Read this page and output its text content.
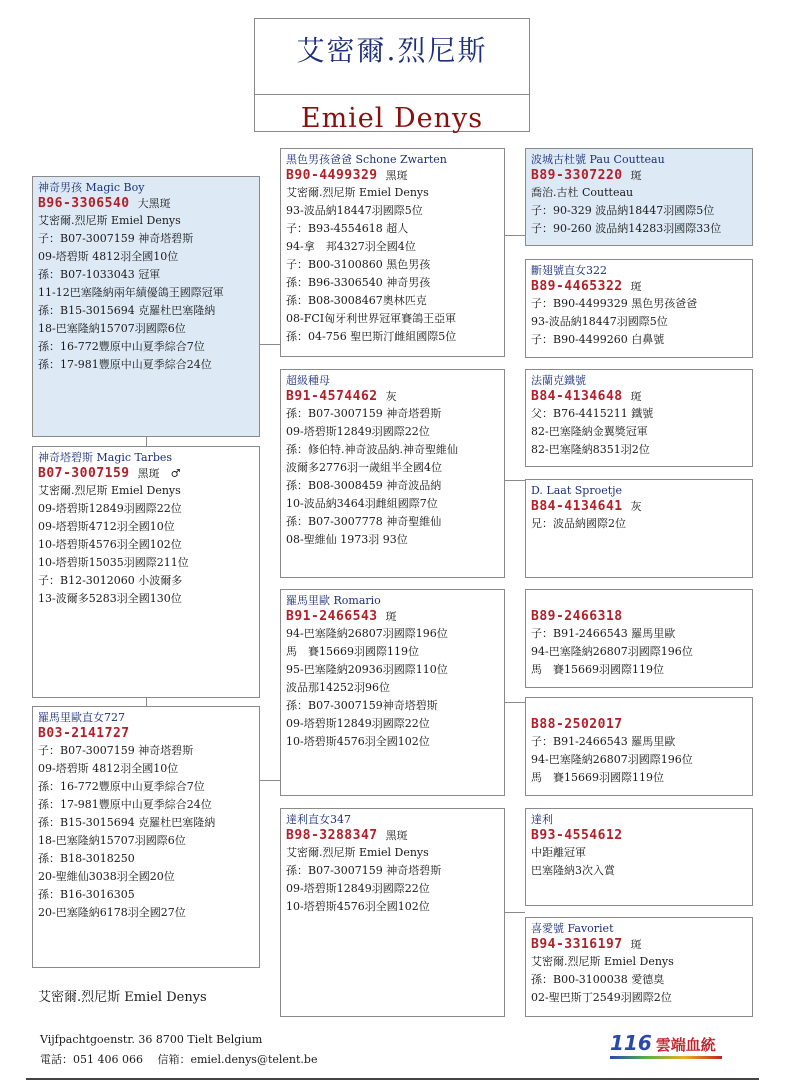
艾密爾.烈尼斯
Emiel Denys
神奇男孩 Magic Boy
B96-3306540 大黑斑
艾密爾.烈尼斯 Emiel Denys
子：B07-3007159 神奇塔碧斯
09-塔碧斯 4812羽全國10位
孫：B07-1033043 冠軍
11-12巴塞隆納兩年績優鴿王國際冠軍
孫：B15-3015694 克羅杜巴塞隆納
18-巴塞隆納15707羽國際6位
孫：16-772豐原中山夏季綜合7位
孫：17-981豐原中山夏季綜合24位
神奇塔碧斯 Magic Tarbes
B07-3007159 黑斑　♂
艾密爾.烈尼斯 Emiel Denys
09-塔碧斯12849羽國際22位
09-塔碧斯4712羽全國10位
10-塔碧斯4576羽全國102位
10-塔碧斯15035羽國際211位
子：B12-3012060 小波爾多
13-波爾多5283羽全國130位
羅馬里歐直女727
B03-2141727
子：B07-3007159 神奇塔碧斯
09-塔碧斯 4812羽全國10位
孫：16-772豐原中山夏季綜合7位
孫：17-981豐原中山夏季綜合24位
孫：B15-3015694 克羅杜巴塞隆納
18-巴塞隆納15707羽國際6位
孫：B18-3018250
20-聖維仙3038羽全國20位
孫：B16-3016305
20-巴塞隆納6178羽全國27位
黑色男孩爸爸 Schone Zwarten
B90-4499329 黑斑
艾密爾.烈尼斯 Emiel Denys
93-波品納18447羽國際5位
子：B93-4554618 超人
94-拿　邦4327羽全國4位
子：B00-3100860 黑色男孩
孫：B96-3306540 神奇男孩
孫：B08-3008467奧林匹克
08-FCI匈牙利世界冠軍賽鴿王亞軍
孫：04-756 聖巴斯汀雌組國際5位
超級種母
B91-4574462 灰
孫：B07-3007159 神奇塔碧斯
09-塔碧斯12849羽國際22位
孫：修伯特.神奇波品納.神奇聖維仙
波爾多2776羽一歲組半全國4位
孫：B08-3008459 神奇波品納
10-波品納3464羽雌組國際7位
孫：B07-3007778 神奇聖維仙
08-聖維仙 1973羽 93位
羅馬里歐 Romario
B91-2466543 斑
94-巴塞隆納26807羽國際196位
馬　賽15669羽國際119位
95-巴塞隆納20936羽國際110位
波品那14252羽96位
孫：B07-3007159神奇塔碧斯
09-塔碧斯12849羽國際22位
10-塔碧斯4576羽全國102位
達利直女347
B98-3288347 黑斑
艾密爾.烈尼斯 Emiel Denys
孫：B07-3007159 神奇塔碧斯
09-塔碧斯12849羽國際22位
10-塔碧斯4576羽全國102位
波城古杜號 Pau Coutteau
B89-3307220 斑
喬治.古杜 Coutteau
子：90-329 波品納18447羽國際5位
子：90-260 波品納14283羽國際33位
斷翅號直女322
B89-4465322 斑
子：B90-4499329 黑色男孩爸爸
93-波品納18447羽國際5位
子：B90-4499260 白鼻號
法蘭克鐵號
B84-4134648 斑
父：B76-4415211 鐵號
82-巴塞隆納金翼獎冠軍
82-巴塞隆納8351羽2位
D. Laat Sproetje
B84-4134641 灰
兄：波品納國際2位
B89-2466318
子：B91-2466543 羅馬里歐
94-巴塞隆納26807羽國際196位
馬　賽15669羽國際119位
B88-2502017
子：B91-2466543 羅馬里歐
94-巴塞隆納26807羽國際196位
馬　賽15669羽國際119位
達利
B93-4554612
中距離冠軍
巴塞隆納3次入賞
喜愛號 Favoriet
B94-3316197 斑
艾密爾.烈尼斯 Emiel Denys
孫：B00-3100038 愛德臭
02-聖巴斯丁2549羽國際2位
艾密爾.烈尼斯 Emiel Denys
Vijfpachtgoenstr. 36 8700 Tielt Belgium
電話：051 406 066　 信箱：emiel.denys@telent.be
116 雲端血統
